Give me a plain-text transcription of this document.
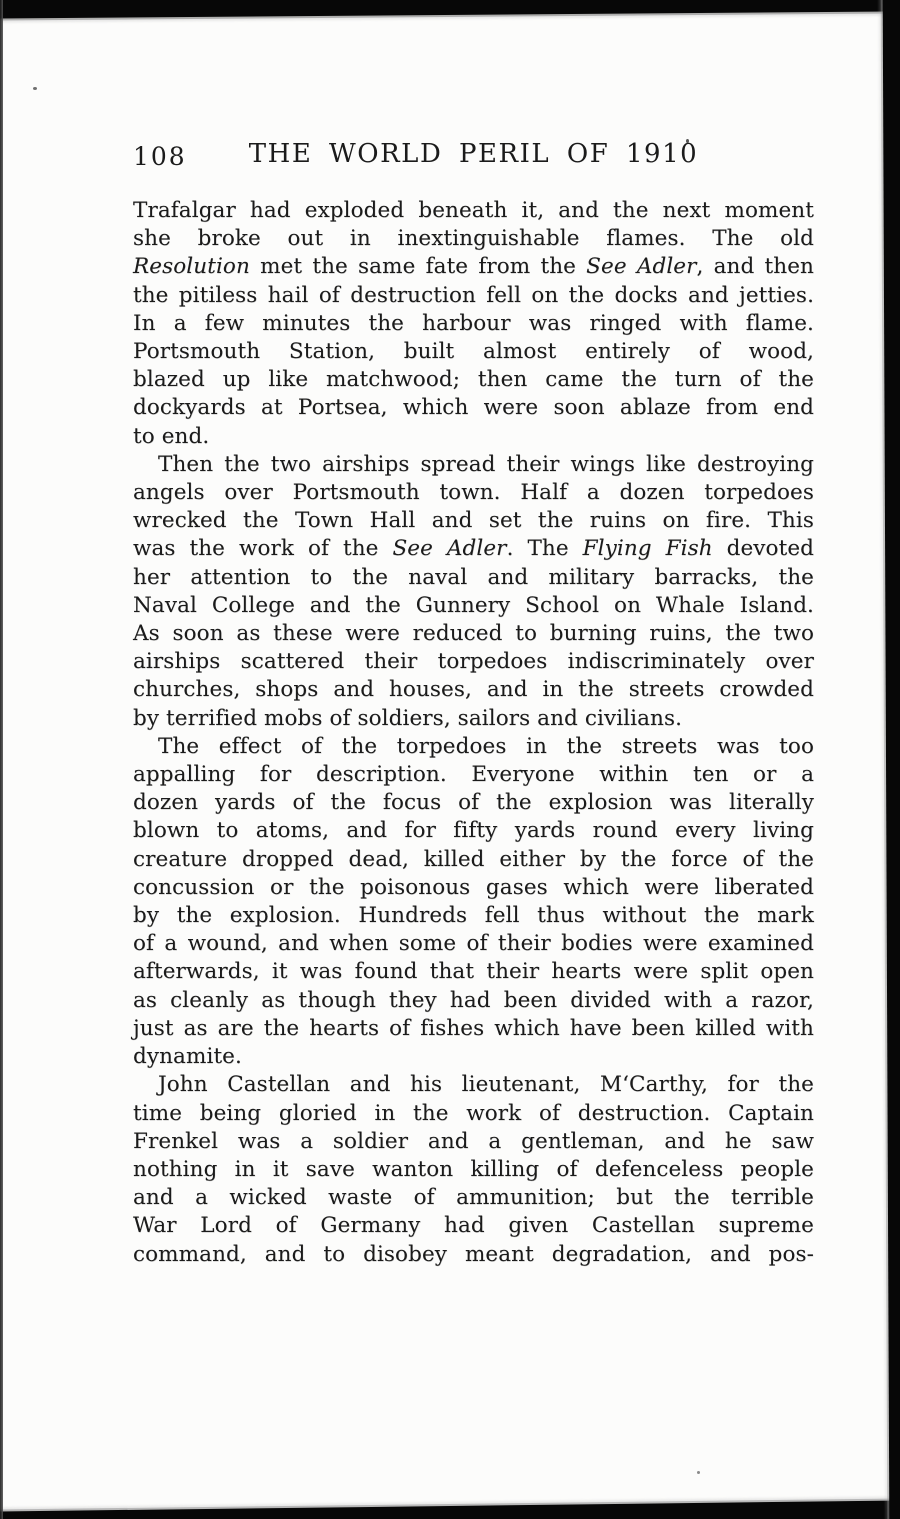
108	THE WORLD PERIL OF 1910
Trafalgar had exploded beneath it, and the next moment
she broke out in inextinguishable flames. The old
Resolution met the same fate from the See Adler, and then
the pitiless hail of destruction fell on the docks and jetties.
In a few minutes the harbour was ringed with flame.
Portsmouth Station, built almost entirely of wood,
blazed up like matchwood; then came the turn of the
dockyards at Portsea, which were soon ablaze from end
to end.
Then the two airships spread their wings like destroying
angels over Portsmouth town. Half a dozen torpedoes
wrecked the Town Hall and set the ruins on fire. This
was the work of the See Adler. The Flying Fish devoted
her attention to the naval and military barracks, the
Naval College and the Gunnery School on Whale Island.
As soon as these were reduced to burning ruins, the two
airships scattered their torpedoes indiscriminately over
churches, shops and houses, and in the streets crowded
by terrified mobs of soldiers, sailors and civilians.
The effect of the torpedoes in the streets was too
appalling for description. Everyone within ten or a
dozen yards of the focus of the explosion was literally
blown to atoms, and for fifty yards round every living
creature dropped dead, killed either by the force of the
concussion or the poisonous gases which were liberated
by the explosion. Hundreds fell thus without the mark
of a wound, and when some of their bodies were examined
afterwards, it was found that their hearts were split open
as cleanly as though they had been divided with a razor,
just as are the hearts of fishes which have been killed with
dynamite.
John Castellan and his lieutenant, M‘Carthy, for the
time being gloried in the work of destruction. Captain
Frenkel was a soldier and a gentleman, and he saw
nothing in it save wanton killing of defenceless people
and a wicked waste of ammunition; but the terrible
War Lord of Germany had given Castellan supreme
command, and to disobey meant degradation, and pos-
